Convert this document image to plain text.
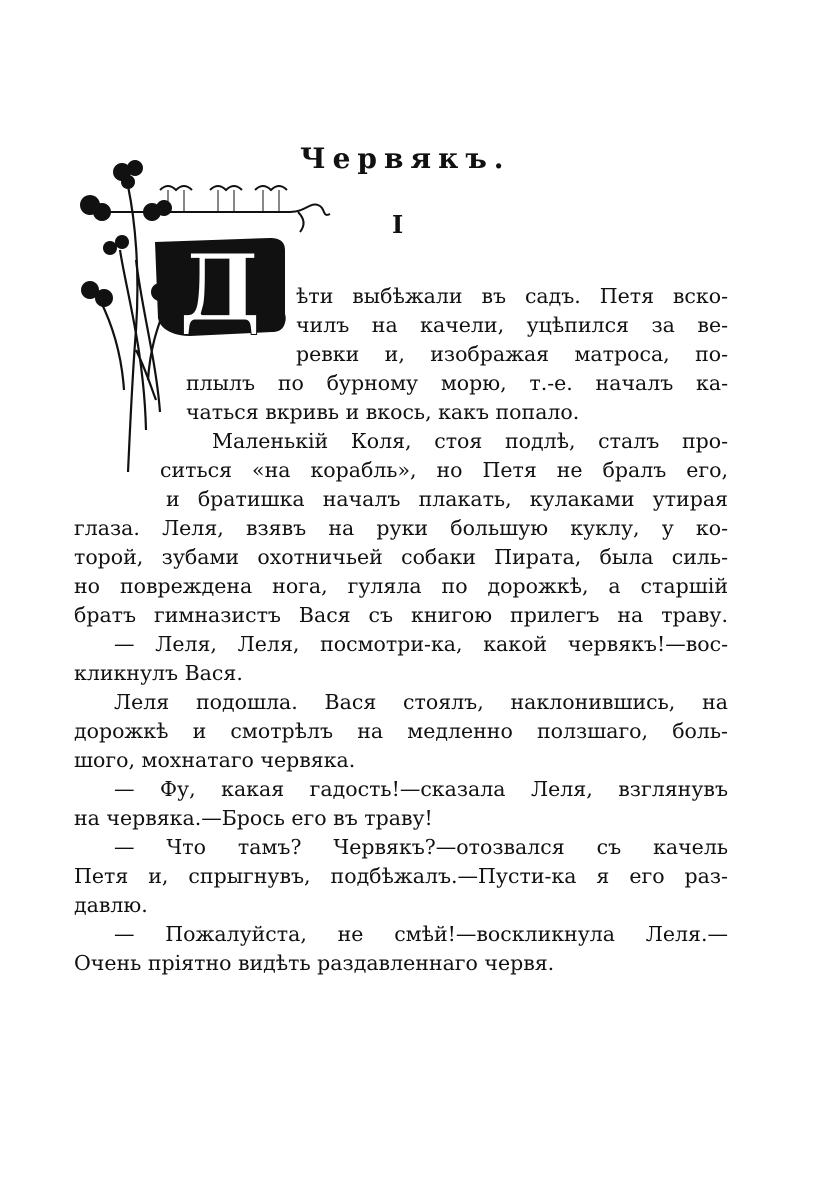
Д
Червякъ.
I
ѣти выбѣжали въ садъ. Петя вско-
чилъ на качели, уцѣпился за ве-
ревки и, изображая матроса, по-
плылъ по бурному морю, т.-е. началъ ка-
чаться вкривь и вкось, какъ попало.
Маленькій Коля, стоя подлѣ, сталъ про-
ситься «на корабль», но Петя не бралъ его,
и братишка началъ плакать, кулаками утирая
глаза. Леля, взявъ на руки большую куклу, у ко-
торой, зубами охотничьей собаки Пирата, была силь-
но повреждена нога, гуляла по дорожкѣ, а старшій
братъ гимназистъ Вася съ книгою прилегъ на траву.
— Леля, Леля, посмотри-ка, какой червякъ!—вос-
кликнулъ Вася.
Леля подошла. Вася стоялъ, наклонившись, на
дорожкѣ и смотрѣлъ на медленно ползшаго, боль-
шого, мохнатаго червяка.
— Фу, какая гадость!—сказала Леля, взглянувъ
на червяка.—Брось его въ траву!
— Что тамъ? Червякъ?—отозвался съ качель
Петя и, спрыгнувъ, подбѣжалъ.—Пусти-ка я его раз-
давлю.
— Пожалуйста, не смѣй!—воскликнула Леля.—
Очень пріятно видѣть раздавленнаго червя.
